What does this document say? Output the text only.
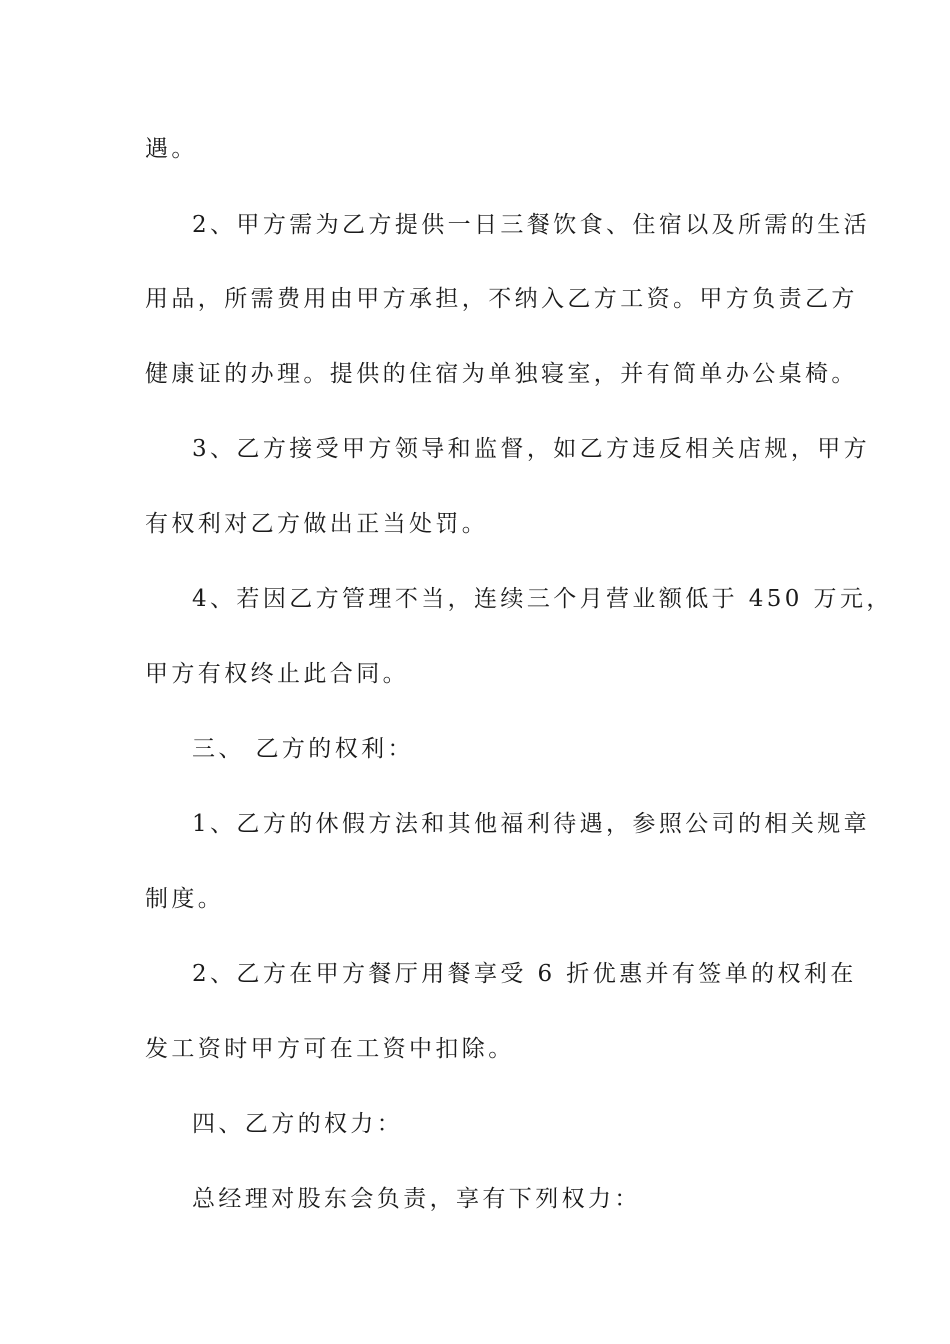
遇。
2、甲方需为乙方提供一日三餐饮食、住宿以及所需的生活
用品，所需费用由甲方承担，不纳入乙方工资。甲方负责乙方
健康证的办理。提供的住宿为单独寝室，并有简单办公桌椅。
3、乙方接受甲方领导和监督，如乙方违反相关店规，甲方
有权利对乙方做出正当处罚。
4、若因乙方管理不当，连续三个月营业额低于 450 万元，
甲方有权终止此合同。
三、 乙方的权利：
1、乙方的休假方法和其他福利待遇，参照公司的相关规章
制度。
2、乙方在甲方餐厅用餐享受 6 折优惠并有签单的权利在
发工资时甲方可在工资中扣除。
四、乙方的权力：
总经理对股东会负责，享有下列权力：
